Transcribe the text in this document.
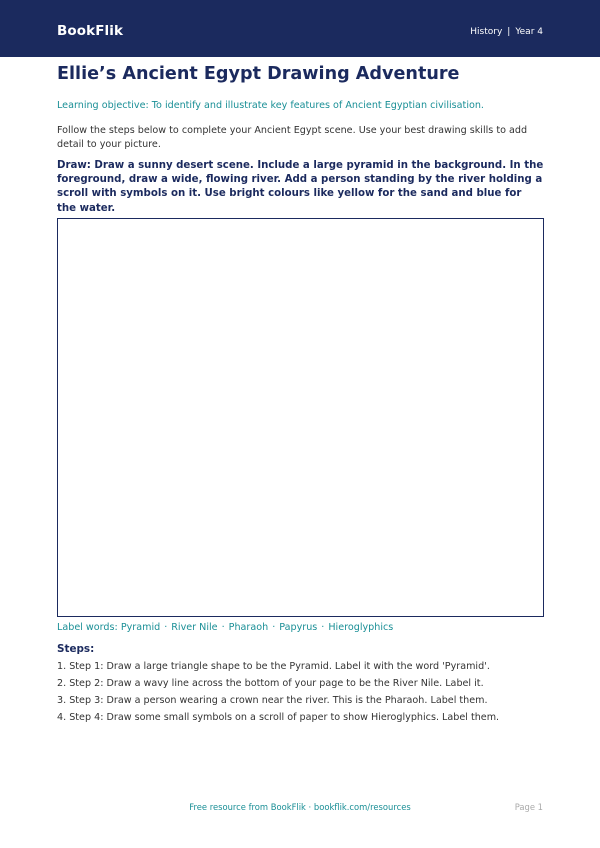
BookFlik	History | Year 4
Ellie’s Ancient Egypt Drawing Adventure
Learning objective: To identify and illustrate key features of Ancient Egyptian civilisation.
Follow the steps below to complete your Ancient Egypt scene. Use your best drawing skills to add detail to your picture.
Draw: Draw a sunny desert scene. Include a large pyramid in the background. In the foreground, draw a wide, flowing river. Add a person standing by the river holding a scroll with symbols on it. Use bright colours like yellow for the sand and blue for the water.
Label words: Pyramid · River Nile · Pharaoh · Papyrus · Hieroglyphics
Steps:
1. Step 1: Draw a large triangle shape to be the Pyramid. Label it with the word 'Pyramid'.
2. Step 2: Draw a wavy line across the bottom of your page to be the River Nile. Label it.
3. Step 3: Draw a person wearing a crown near the river. This is the Pharaoh. Label them.
4. Step 4: Draw some small symbols on a scroll of paper to show Hieroglyphics. Label them.
Free resource from BookFlik · bookflik.com/resources	Page 1
